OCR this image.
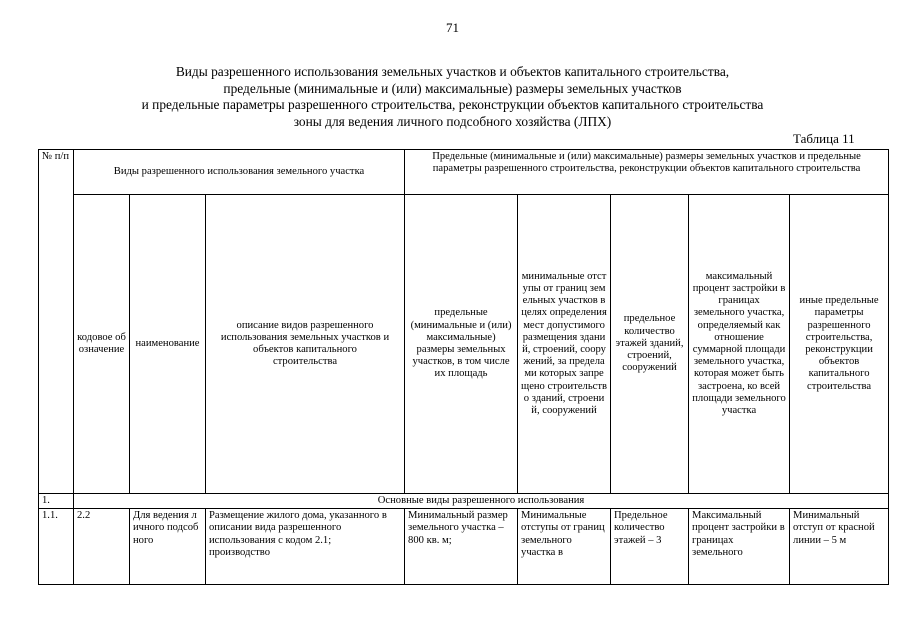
71
Виды разрешенного использования земельных участков и объектов капитального строительства,
предельные (минимальные и (или) максимальные) размеры земельных участков
и предельные параметры разрешенного строительства, реконструкции объектов капитального строительства
зоны для ведения личного подсобного хозяйства (ЛПХ)
Таблица 11
№ п/п	Виды разрешенного использования земельного участка			Предельные (минимальные и (или) максимальные) размеры земельных участков и предельные параметры разрешенного строительства, реконструкции объектов капитального строительства				
	кодовое обозначение	наименование	описание видов разрешенного использования земельных участков и объектов капитального строительства	предельные (минимальные и (или) максимальные) размеры земельных участков, в том числе их площадь	минимальные отступы от границ земельных участков в целях определения мест допустимого размещения зданий, строений, сооружений, за пределами которых запрещено строительство зданий, строений, сооружений	предельное количество этажей зданий, строений, сооружений	максимальный процент застройки в границах земельного участка, определяемый как отношение суммарной площади земельного участка, которая может быть застроена, ко всей площади земельного участка	иные предельные параметры разрешенного строительства, реконструкции объектов капитального строительства
1.	Основные виды разрешенного использования							

1.1.	2.2	Для ведения личного подсобного	Размещение жилого дома, указанного в описании вида разрешенного использования с кодом 2.1; производство	Минимальный размер земельного участка – 800 кв. м;	Минимальные отступы от границ земельного участка в	Предельное количество этажей – 3	Максимальный процент застройки в границах земельного	Минимальный отступ от красной линии – 5 м
